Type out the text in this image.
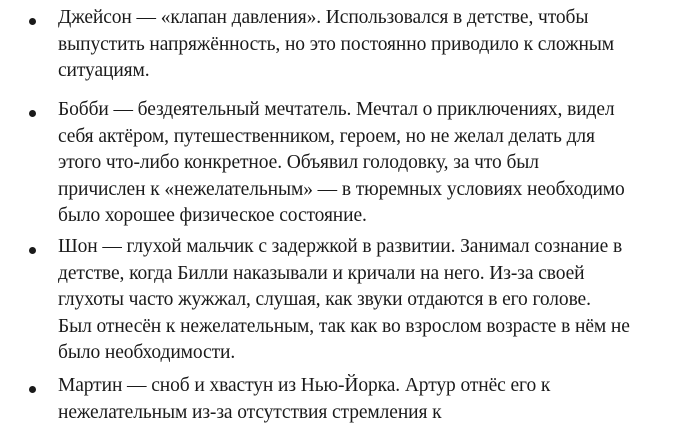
Джейсон — «клапан давления». Использовался в детстве, чтобы
выпустить напряжённость, но это постоянно приводило к сложным
ситуациям.
Бобби — бездеятельный мечтатель. Мечтал о приключениях, видел
себя актёром, путешественником, героем, но не желал делать для
этого что-либо конкретное. Объявил голодовку, за что был
причислен к «нежелательным» — в тюремных условиях необходимо
было хорошее физическое состояние.
Шон — глухой мальчик с задержкой в развитии. Занимал сознание в
детстве, когда Билли наказывали и кричали на него. Из-за своей
глухоты часто жужжал, слушая, как звуки отдаются в его голове.
Был отнесён к нежелательным, так как во взрослом возрасте в нём не
было необходимости.
Мартин — сноб и хвастун из Нью-Йорка. Артур отнёс его к
нежелательным из-за отсутствия стремления к
